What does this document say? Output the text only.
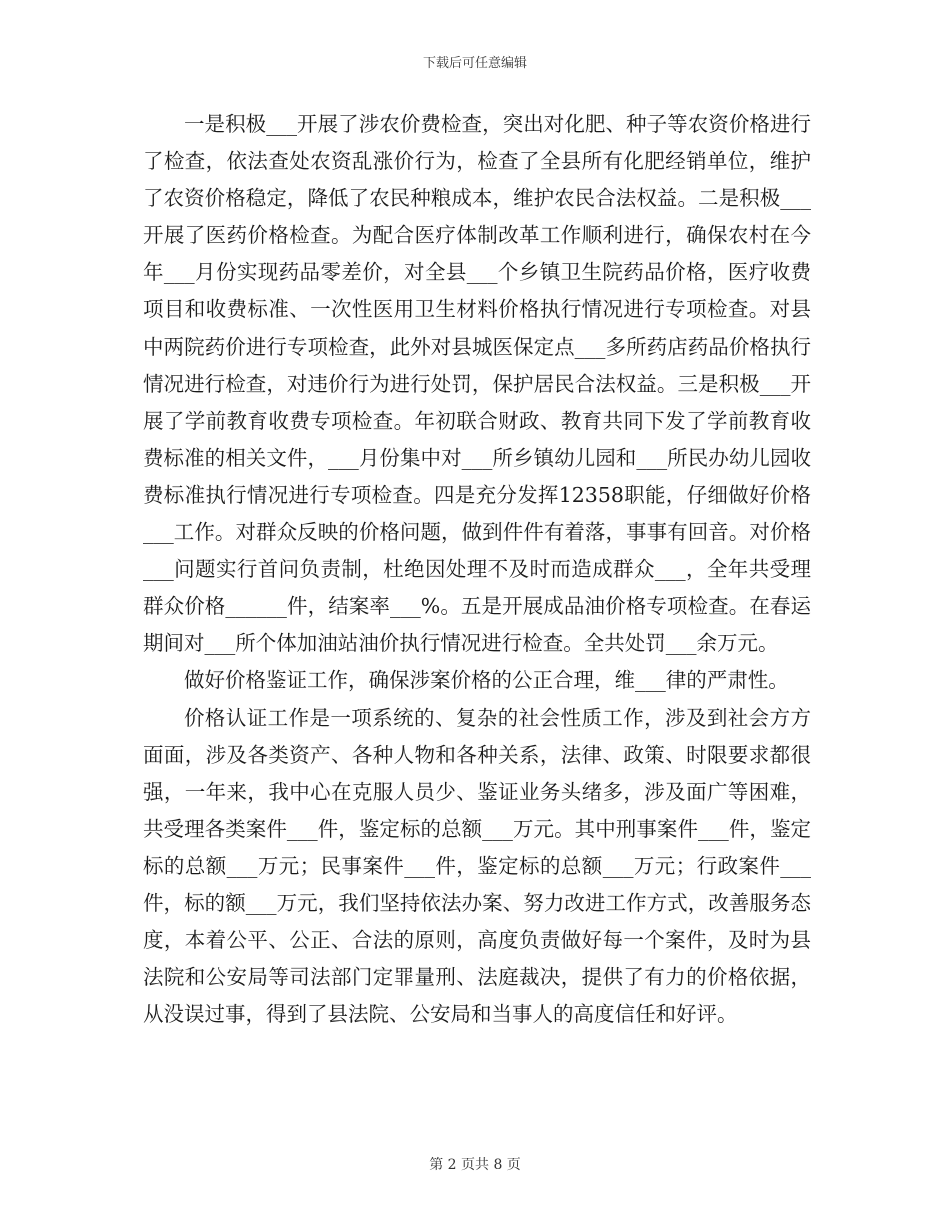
下载后可任意编辑

一是积极___开展了涉农价费检查，突出对化肥、种子等农资价格进行了检查，依法查处农资乱涨价行为，检查了全县所有化肥经销单位，维护了农资价格稳定，降低了农民种粮成本，维护农民合法权益。二是积极___开展了医药价格检查。为配合医疗体制改革工作顺利进行，确保农村在今年___月份实现药品零差价，对全县___个乡镇卫生院药品价格，医疗收费项目和收费标准、一次性医用卫生材料价格执行情况进行专项检查。对县中两院药价进行专项检查，此外对县城医保定点___多所药店药品价格执行情况进行检查，对违价行为进行处罚，保护居民合法权益。三是积极___开展了学前教育收费专项检查。年初联合财政、教育共同下发了学前教育收费标准的相关文件，___月份集中对___所乡镇幼儿园和___所民办幼儿园收费标准执行情况进行专项检查。四是充分发挥12358职能，仔细做好价格___工作。对群众反映的价格问题，做到件件有着落，事事有回音。对价格___问题实行首问负责制，杜绝因处理不及时而造成群众___，全年共受理群众价格______件，结案率___%。五是开展成品油价格专项检查。在春运期间对___所个体加油站油价执行情况进行检查。全共处罚___余万元。

做好价格鉴证工作，确保涉案价格的公正合理，维___律的严肃性。

价格认证工作是一项系统的、复杂的社会性质工作，涉及到社会方方面面，涉及各类资产、各种人物和各种关系，法律、政策、时限要求都很强，一年来，我中心在克服人员少、鉴证业务头绪多，涉及面广等困难，共受理各类案件___件，鉴定标的总额___万元。其中刑事案件___件，鉴定标的总额___万元；民事案件___件，鉴定标的总额___万元；行政案件___件，标的额___万元，我们坚持依法办案、努力改进工作方式，改善服务态度，本着公平、公正、合法的原则，高度负责做好每一个案件，及时为县法院和公安局等司法部门定罪量刑、法庭裁决，提供了有力的价格依据，从没误过事，得到了县法院、公安局和当事人的高度信任和好评。

第 2 页共 8 页
